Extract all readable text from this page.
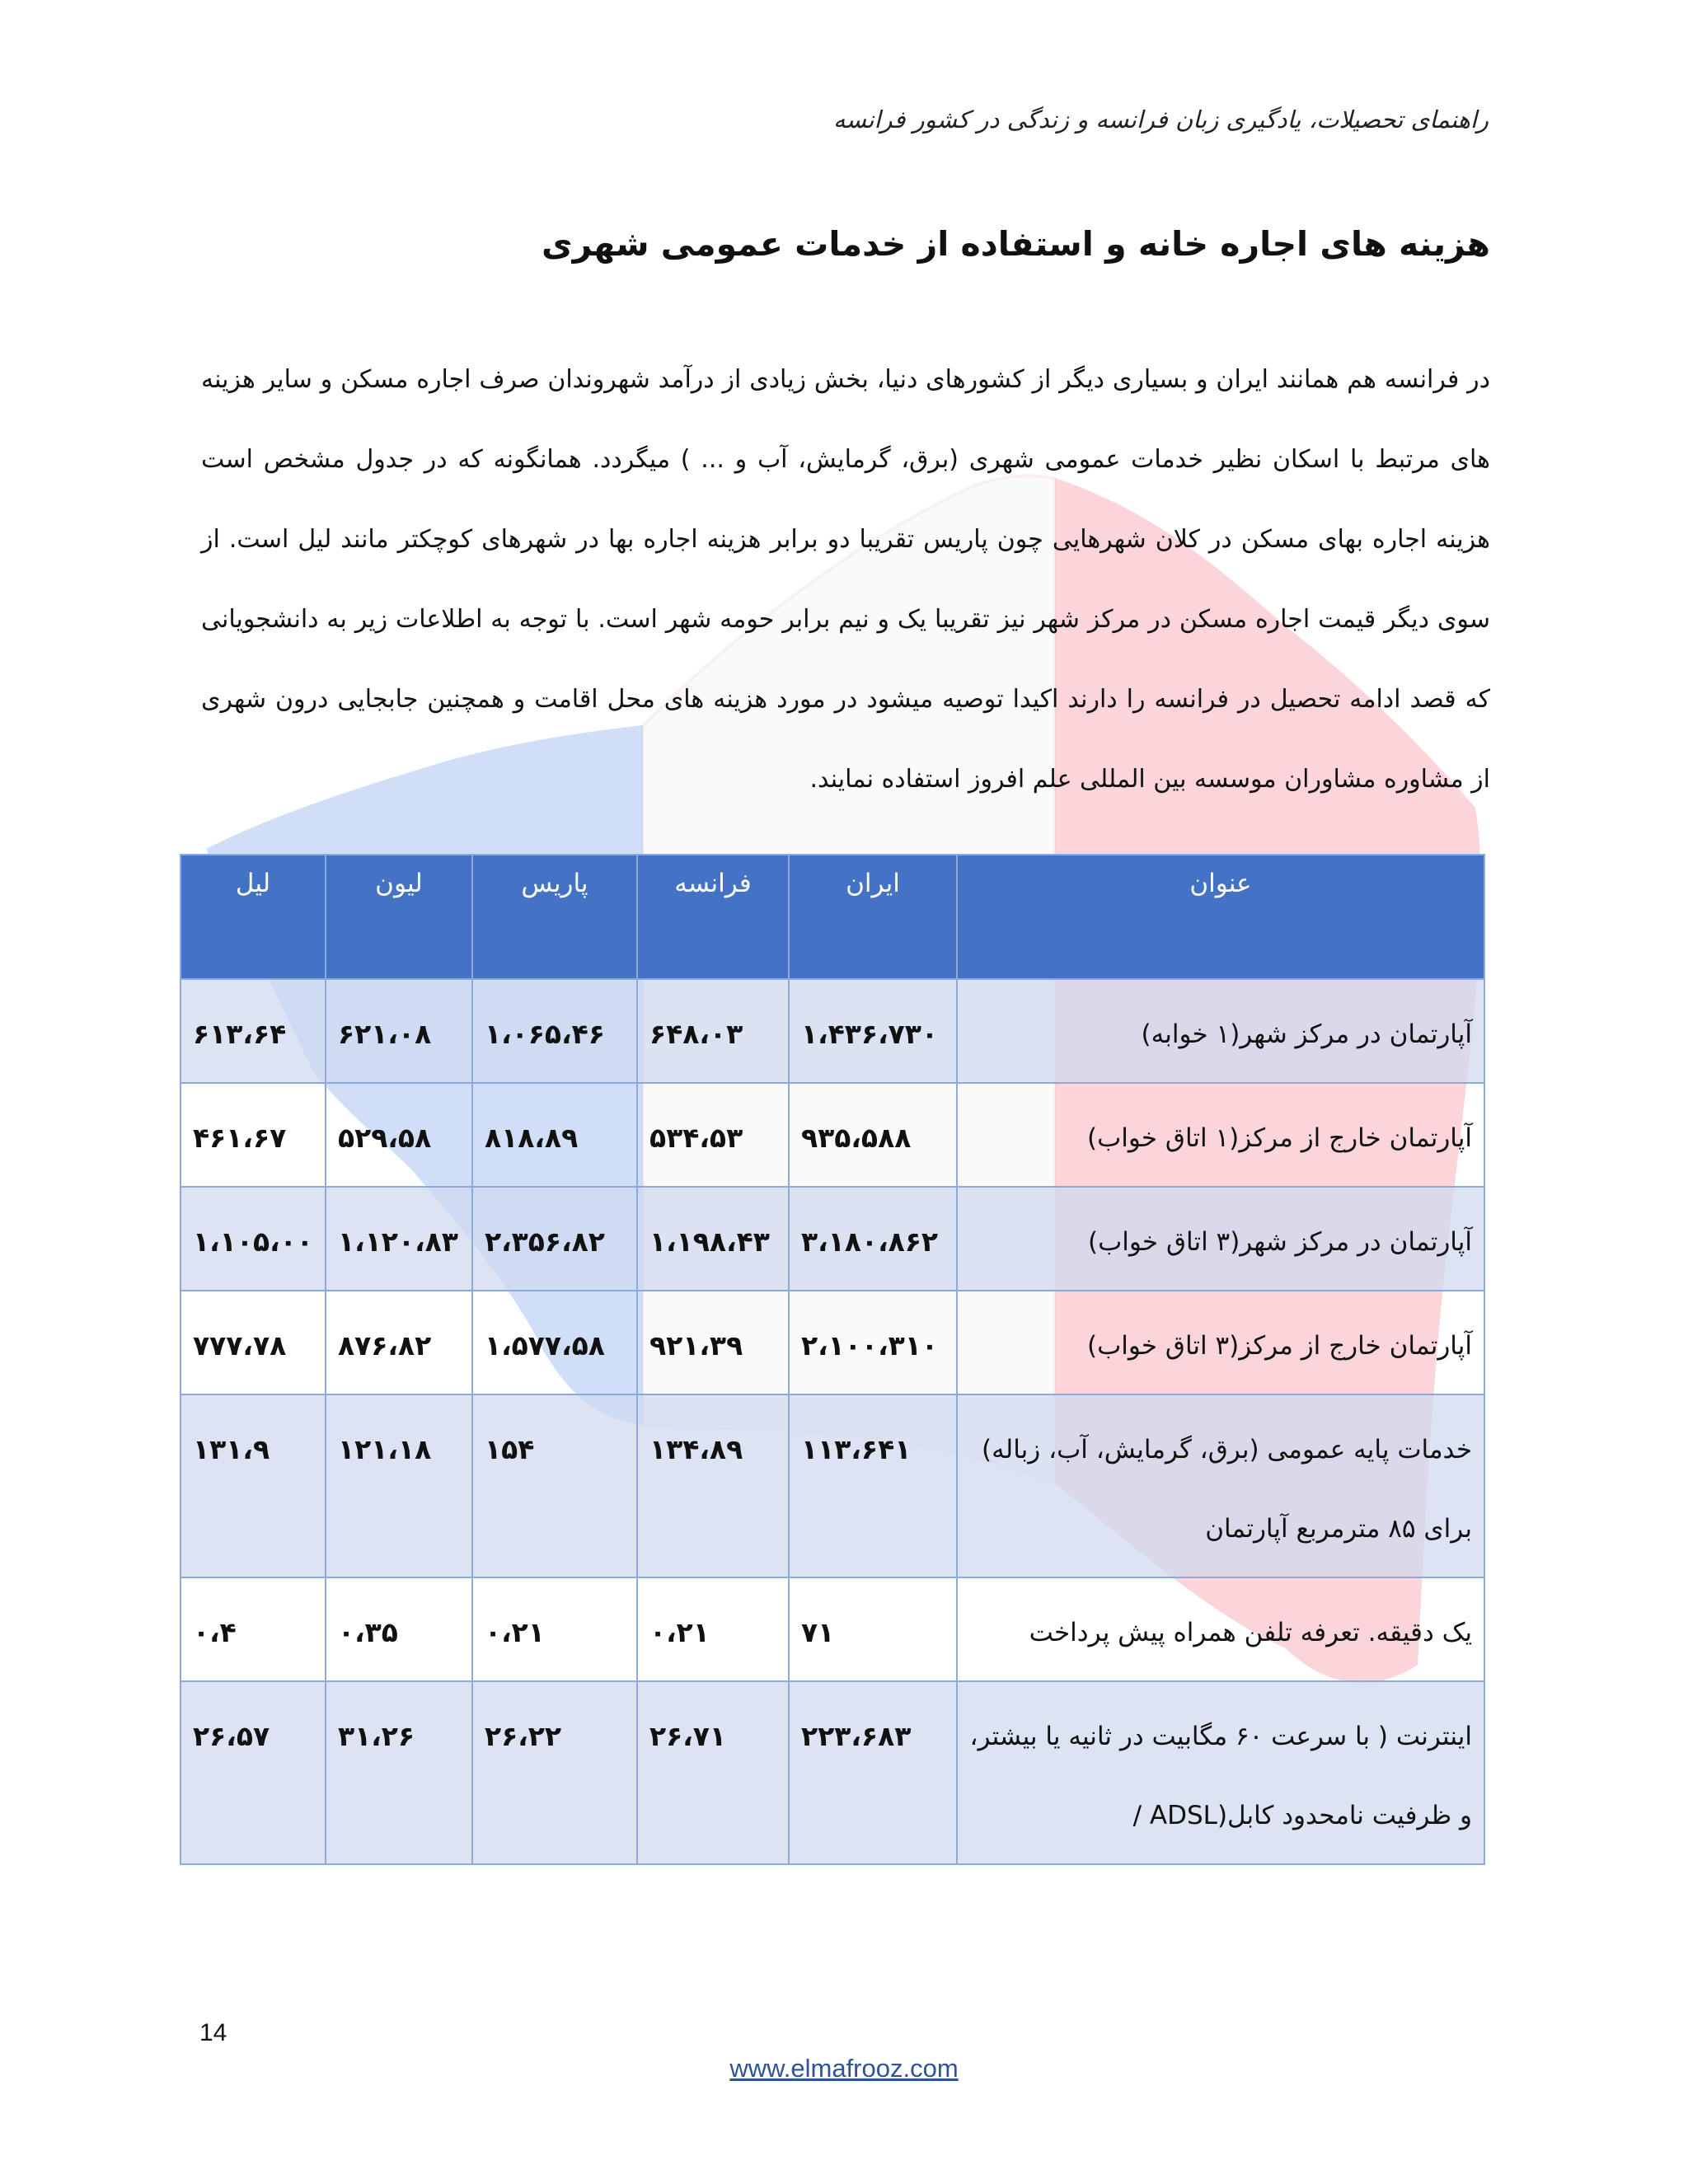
راهنمای تحصیلات، یادگیری زبان فرانسه و زندگی در کشور فرانسه
هزینه های اجاره خانه و استفاده از خدمات عمومی شهری

در فرانسه هم همانند ایران و بسیاری دیگر از کشورهای دنیا، بخش زیادی از درآمد شهروندان صرف اجاره مسکن و سایر هزینه های مرتبط با اسکان نظیر خدمات عمومی شهری (برق، گرمایش، آب و ... ) میگردد. همانگونه که در جدول مشخص است هزینه اجاره بهای مسکن در کلان شهرهایی چون پاریس تقریبا دو برابر هزینه اجاره بها در شهرهای کوچکتر مانند لیل است. از سوی دیگر قیمت اجاره مسکن در مرکز شهر نیز تقریبا یک و نیم برابر حومه شهر است. با توجه به اطلاعات زیر به دانشجویانی که قصد ادامه تحصیل در فرانسه را دارند اکیدا توصیه میشود در مورد هزینه های محل اقامت و همچنین جابجایی درون شهری از مشاوره مشاوران موسسه بین المللی علم افروز استفاده نمایند.

عنوان	ایران	فرانسه	پاریس	لیون	لیل
آپارتمان در مرکز شهر(۱ خوابه)	۱،۴۳۶،۷۳۰	۶۴۸،۰۳	۱،۰۶۵،۴۶	۶۲۱،۰۸	۶۱۳،۶۴
آپارتمان خارج از مرکز(۱ اتاق خواب)	۹۳۵،۵۸۸	۵۳۴،۵۳	۸۱۸،۸۹	۵۲۹،۵۸	۴۶۱،۶۷
آپارتمان در مرکز شهر(۳ اتاق خواب)	۳،۱۸۰،۸۶۲	۱،۱۹۸،۴۳	۲،۳۵۶،۸۲	۱،۱۲۰،۸۳	۱،۱۰۵،۰۰
آپارتمان خارج از مرکز(۳ اتاق خواب)	۲،۱۰۰،۳۱۰	۹۲۱،۳۹	۱،۵۷۷،۵۸	۸۷۶،۸۲	۷۷۷،۷۸

خدمات پایه عمومی (برق، گرمایش، آب، زباله) برای ۸۵ مترمربع آپارتمان	۱۱۳،۶۴۱	۱۳۴،۸۹	۱۵۴	۱۲۱،۱۸	۱۳۱،۹
یک دقیقه. تعرفه تلفن همراه پیش پرداخت	۷۱	۰،۲۱	۰،۲۱	۰،۳۵	۰،۴

اینترنت ( با سرعت ۶۰ مگابیت در ثانیه یا بیشتر، و ظرفیت نامحدود کابل(ADSL /	۲۲۳،۶۸۳	۲۶،۷۱	۲۶،۲۲	۳۱،۲۶	۲۶،۵۷
14
www.elmafrooz.com
